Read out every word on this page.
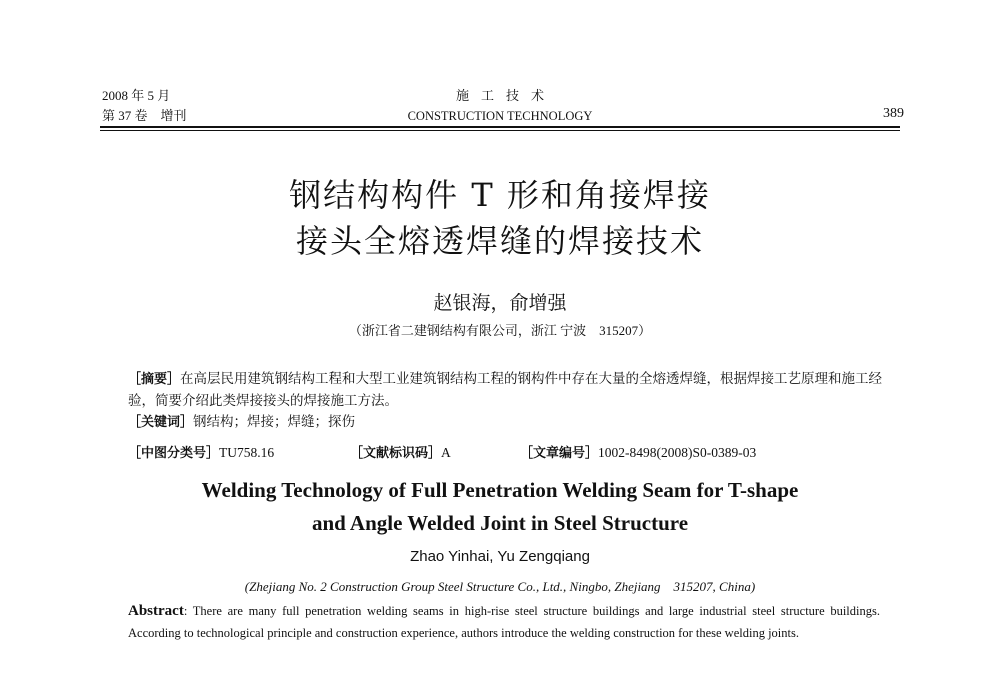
2008 年 5 月
第 37 卷　增刊
施工技术
CONSTRUCTION TECHNOLOGY	389
钢结构构件 T 形和角接焊接
接头全熔透焊缝的焊接技术
赵银海，俞增强
（浙江省二建钢结构有限公司，浙江 宁波　315207）
［摘要］在高层民用建筑钢结构工程和大型工业建筑钢结构工程的钢构件中存在大量的全熔透焊缝，根据焊接工艺原理和施工经验，简要介绍此类焊接接头的焊接施工方法。
［关键词］钢结构；焊接；焊缝；探伤
［中图分类号］TU758.16	［文献标识码］A	［文章编号］1002-8498(2008)S0-0389-03
Welding Technology of Full Penetration Welding Seam for T-shape
and Angle Welded Joint in Steel Structure
Zhao Yinhai, Yu Zengqiang
(Zhejiang No. 2 Construction Group Steel Structure Co., Ltd., Ningbo, Zhejiang　315207, China)
Abstract: There are many full penetration welding seams in high-rise steel structure buildings and large industrial steel structure buildings. According to technological principle and construction experience, authors introduce the welding construction for these welding joints.
